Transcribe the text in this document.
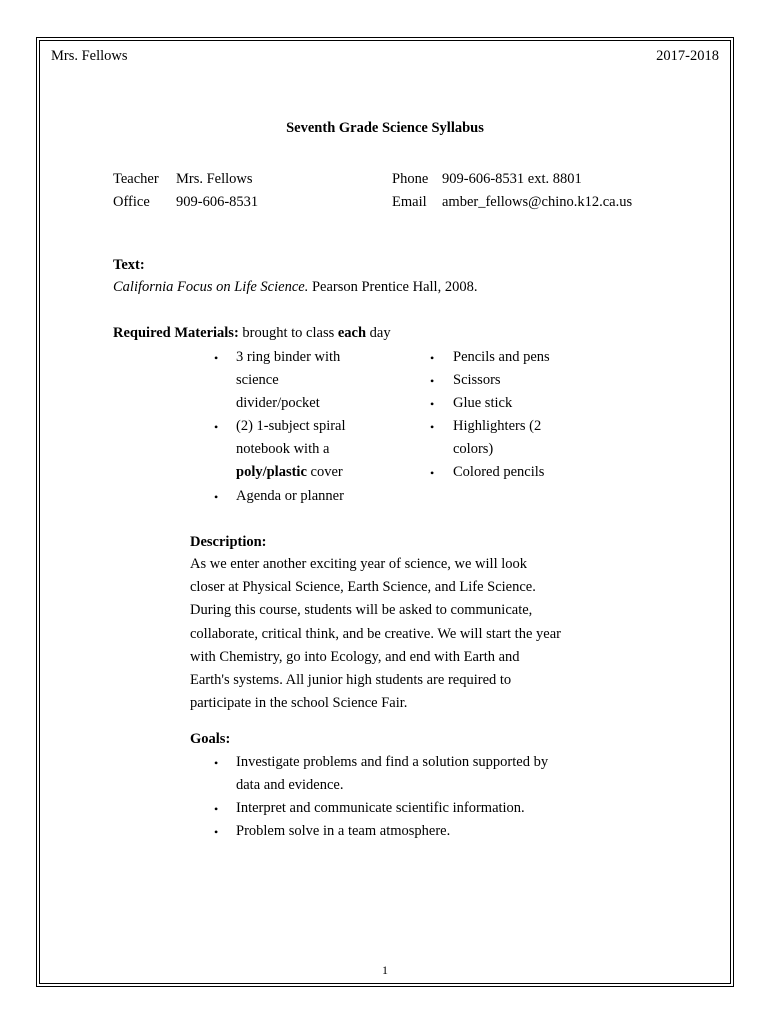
Mrs. Fellows	2017-2018
Seventh Grade Science Syllabus
Teacher Mrs. Fellows	Phone 909-606-8531 ext. 8801
Office 909-606-8531	Email amber_fellows@chino.k12.ca.us
Text:
California Focus on Life Science. Pearson Prentice Hall, 2008.
Required Materials: brought to class each day
• 3 ring binder with
science
divider/pocket
• (2) 1-subject spiral
notebook with a
poly/plastic cover
• Agenda or planner
• Pencils and pens
• Scissors
• Glue stick
• Highlighters (2
colors)
• Colored pencils
Description:
As we enter another exciting year of science, we will look
closer at Physical Science, Earth Science, and Life Science.
During this course, students will be asked to communicate,
collaborate, critical think, and be creative. We will start the year
with Chemistry, go into Ecology, and end with Earth and
Earth's systems. All junior high students are required to
participate in the school Science Fair.
Goals:
• Investigate problems and find a solution supported by
data and evidence.
• Interpret and communicate scientific information.
• Problem solve in a team atmosphere.
1
